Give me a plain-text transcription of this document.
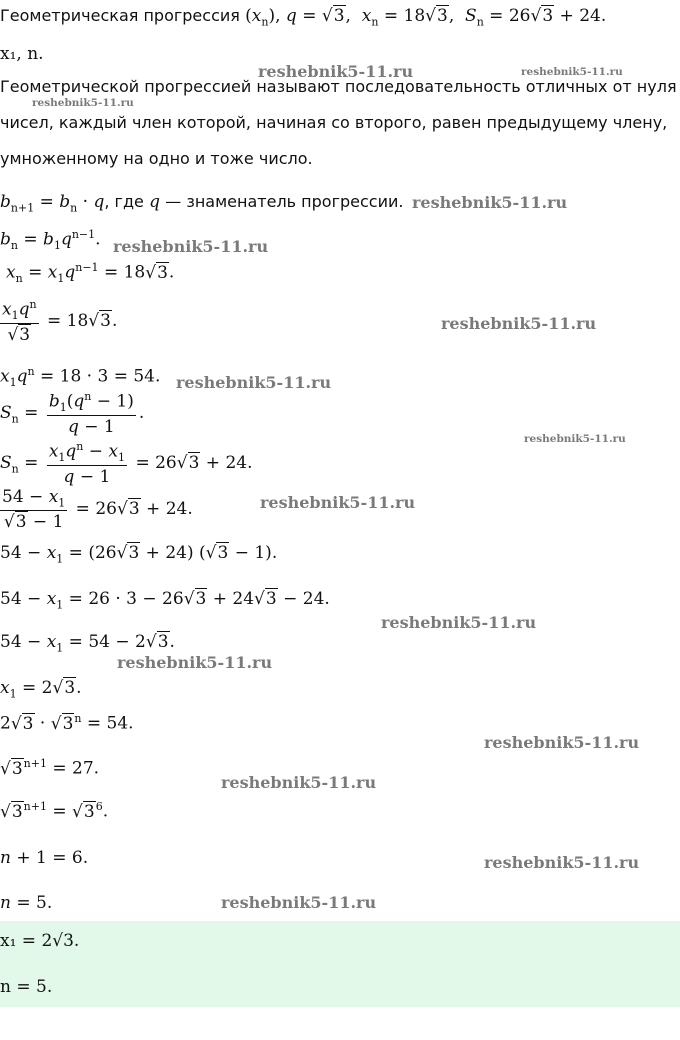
Геометрическая прогрессия $(x_n)$, q = √3,  $x_n = 18√3$,  $S_n = 26√3 + 24$.
x₁, n.
Геометрической прогрессией называют последовательность отличных от нуля
чисел, каждый член которой, начиная со второго, равен предыдущему члену,
умноженному на одно и тоже число.
$b_{n+1} = b_n \cdot q$, где q — знаменатель прогрессии.
$b_n = b_1q^{n-1}$.
$x_n = x_1q^{n-1} = 18√3$.
$\frac{x_1q^n}{√3} = 18√3$.
$x_1q^n = 18 \cdot 3 = 54$.
$S_n = \frac{b_1(q^n - 1)}{q - 1}$ .
$S_n = \frac{x_1q^n - x_1}{q - 1} = 26√3 + 24$.
$\frac{54 - x_1}{√3 - 1} = 26√3 + 24$.
$54 - x_1 = (26√3 + 24) (√3 - 1)$.
$54 - x_1 = 26 \cdot 3 - 26√3 + 24√3 - 24$.
$54 - x_1 = 54 - 2√3$.
$x_1 = 2√3$.
$2√3 \cdot √3^n = 54$.
$√3^{n+1} = 27$.
$√3^{n+1} = √3^6$.
n + 1 = 6.
n = 5.
x₁ = 2√3.
n = 5.
reshebnik5-11.ru	reshebnik5-11.ru
reshebnik5-11.ru
reshebnik5-11.ru
reshebnik5-11.ru
reshebnik5-11.ru
reshebnik5-11.ru
reshebnik5-11.ru
reshebnik5-11.ru
reshebnik5-11.ru
reshebnik5-11.ru
reshebnik5-11.ru
reshebnik5-11.ru
reshebnik5-11.ru
reshebnik5-11.ru
